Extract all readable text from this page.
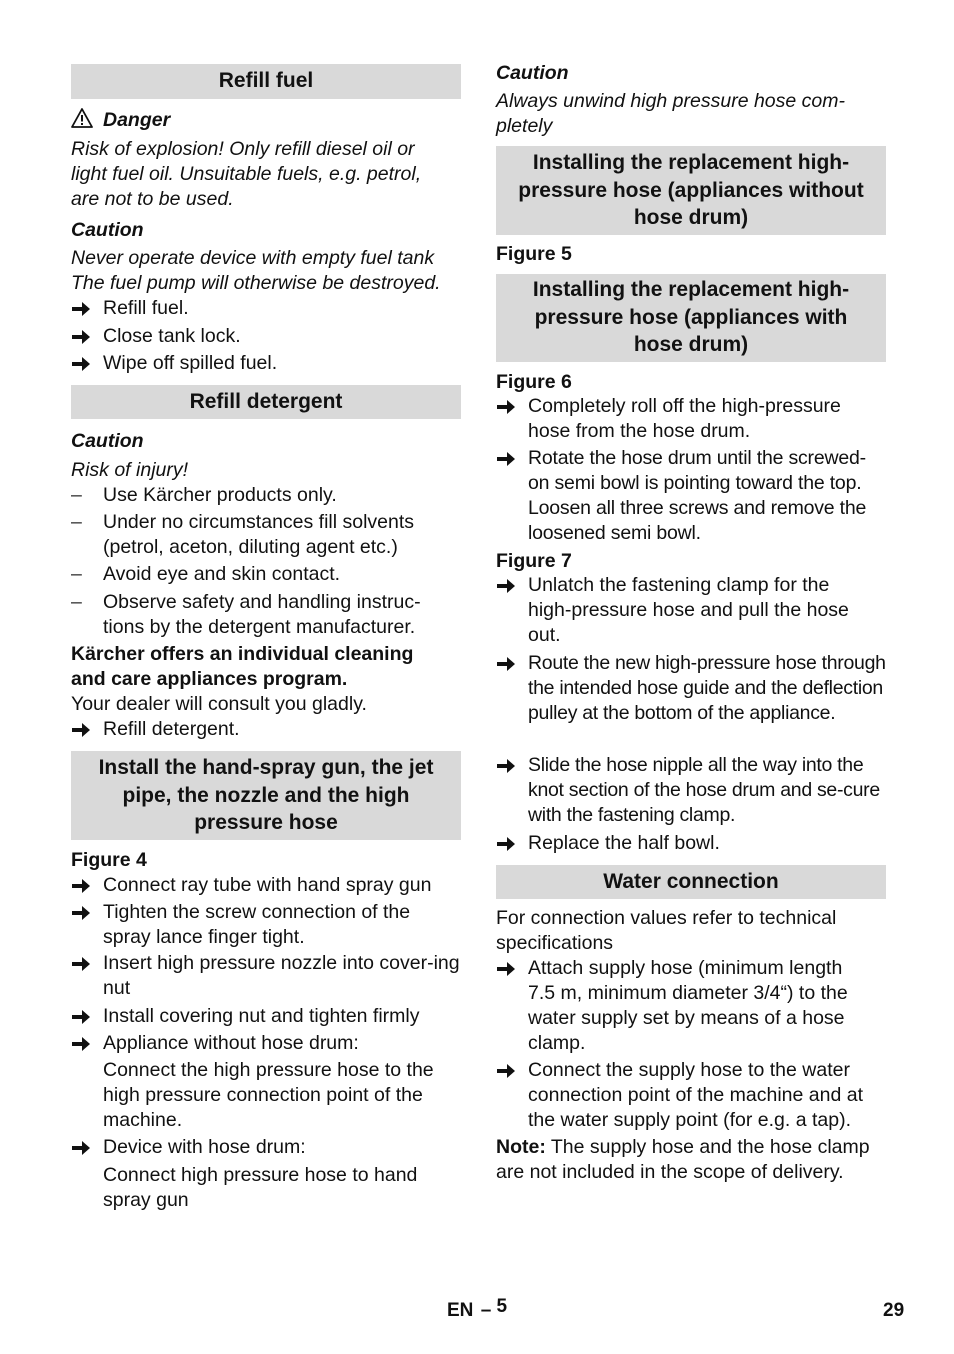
Refill fuel
Danger
Risk of explosion! Only refill diesel oil or light fuel oil. Unsuitable fuels, e.g. petrol, are not to be used.
Caution
Never operate device with empty fuel tank The fuel pump will otherwise be destroyed.
Refill fuel.
Close tank lock.
Wipe off spilled fuel.
Refill detergent
Caution
Risk of injury!
–	Use Kärcher products only.
–	Under no circumstances fill solvents (petrol, aceton, diluting agent etc.)
–	Avoid eye and skin contact.
–	Observe safety and handling instruc-tions by the detergent manufacturer.
Kärcher offers an individual cleaning and care appliances program.
Your dealer will consult you gladly.
Refill detergent.
Install the hand-spray gun, the jet pipe, the nozzle and the high pressure hose
Figure 4
Connect ray tube with hand spray gun
Tighten the screw connection of the spray lance finger tight.
Insert high pressure nozzle into cover-ing nut
Install covering nut and tighten firmly
Appliance without hose drum:
Connect the high pressure hose to the high pressure connection point of the machine.
Device with hose drum:
Connect high pressure hose to hand spray gun
Caution
Always unwind high pressure hose com-pletely
Installing the replacement high-pressure hose (appliances without hose drum)
Figure 5
Installing the replacement high-pressure hose (appliances with hose drum)
Figure 6
Completely roll off the high-pressure hose from the hose drum.
Rotate the hose drum until the screwed-on semi bowl is pointing toward the top. Loosen all three screws and remove the loosened semi bowl.
Figure 7
Unlatch the fastening clamp for the high-pressure hose and pull the hose out.
Route the new high-pressure hose through the intended hose guide and the deflection pulley at the bottom of the appliance.
Slide the hose nipple all the way into the knot section of the hose drum and se-cure with the fastening clamp.
Replace the half bowl.
Water connection
For connection values refer to technical specifications
Attach supply hose (minimum length 7.5 m, minimum diameter 3/4“) to the water supply set by means of a hose clamp.
Connect the supply hose to the water connection point of the machine and at the water supply point (for e.g. a tap).
Note: The supply hose and the hose clamp are not included in the scope of delivery.
EN – 5	29
